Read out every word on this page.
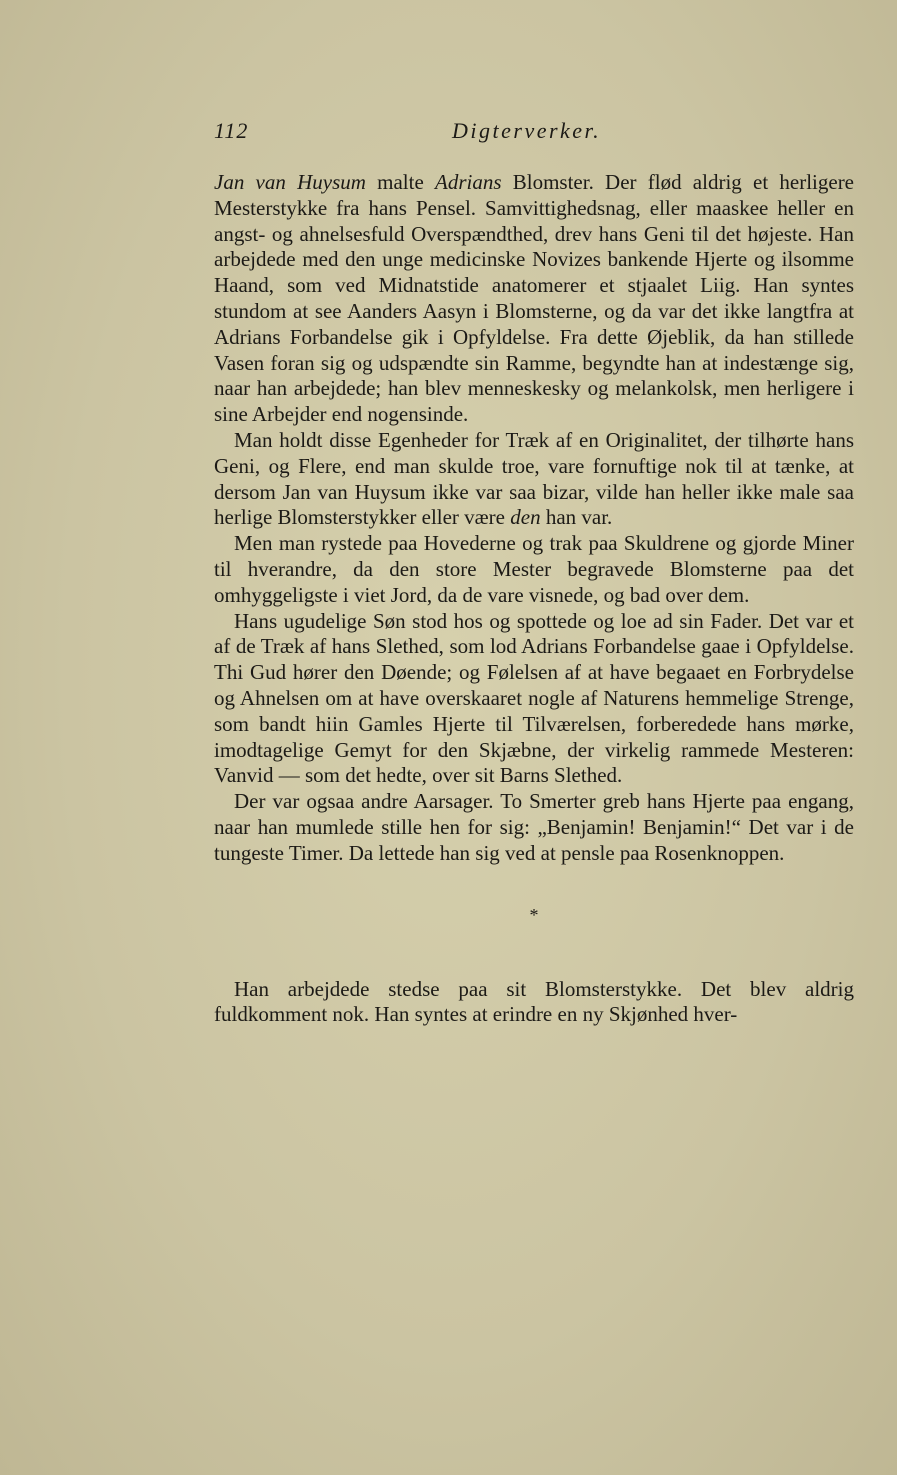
112	Digterverker.

Jan van Huysum malte Adrians Blomster. Der flød aldrig et herligere Mesterstykke fra hans Pensel. Samvittighedsnag, eller maaskee heller en angst- og ahnelsesfuld Overspændthed, drev hans Geni til det højeste. Han arbejdede med den unge medicinske Novizes bankende Hjerte og ilsomme Haand, som ved Midnatstide anatomerer et stjaalet Liig. Han syntes stundom at see Aanders Aasyn i Blomsterne, og da var det ikke langtfra at Adrians Forbandelse gik i Opfyldelse. Fra dette Øjeblik, da han stillede Vasen foran sig og udspændte sin Ramme, begyndte han at indestænge sig, naar han arbejdede; han blev menneskesky og melankolsk, men herligere i sine Arbejder end nogensinde.

Man holdt disse Egenheder for Træk af en Originalitet, der tilhørte hans Geni, og Flere, end man skulde troe, vare fornuftige nok til at tænke, at dersom Jan van Huysum ikke var saa bizar, vilde han heller ikke male saa herlige Blomsterstykker eller være den han var.

Men man rystede paa Hovederne og trak paa Skuldrene og gjorde Miner til hverandre, da den store Mester begravede Blomsterne paa det omhyggeligste i viet Jord, da de vare visnede, og bad over dem.

Hans ugudelige Søn stod hos og spottede og loe ad sin Fader. Det var et af de Træk af hans Slethed, som lod Adrians Forbandelse gaae i Opfyldelse. Thi Gud hører den Døende; og Følelsen af at have begaaet en Forbrydelse og Ahnelsen om at have overskaaret nogle af Naturens hemmelige Strenge, som bandt hiin Gamles Hjerte til Tilværelsen, forberedede hans mørke, imodtagelige Gemyt for den Skjæbne, der virkelig rammede Mesteren: Vanvid — som det hedte, over sit Barns Slethed.

Der var ogsaa andre Aarsager. To Smerter greb hans Hjerte paa engang, naar han mumlede stille hen for sig: „Benjamin! Benjamin!“ Det var i de tungeste Timer. Da lettede han sig ved at pensle paa Rosenknoppen.

*

Han arbejdede stedse paa sit Blomsterstykke. Det blev aldrig fuldkomment nok. Han syntes at erindre en ny Skjønhed hver-
